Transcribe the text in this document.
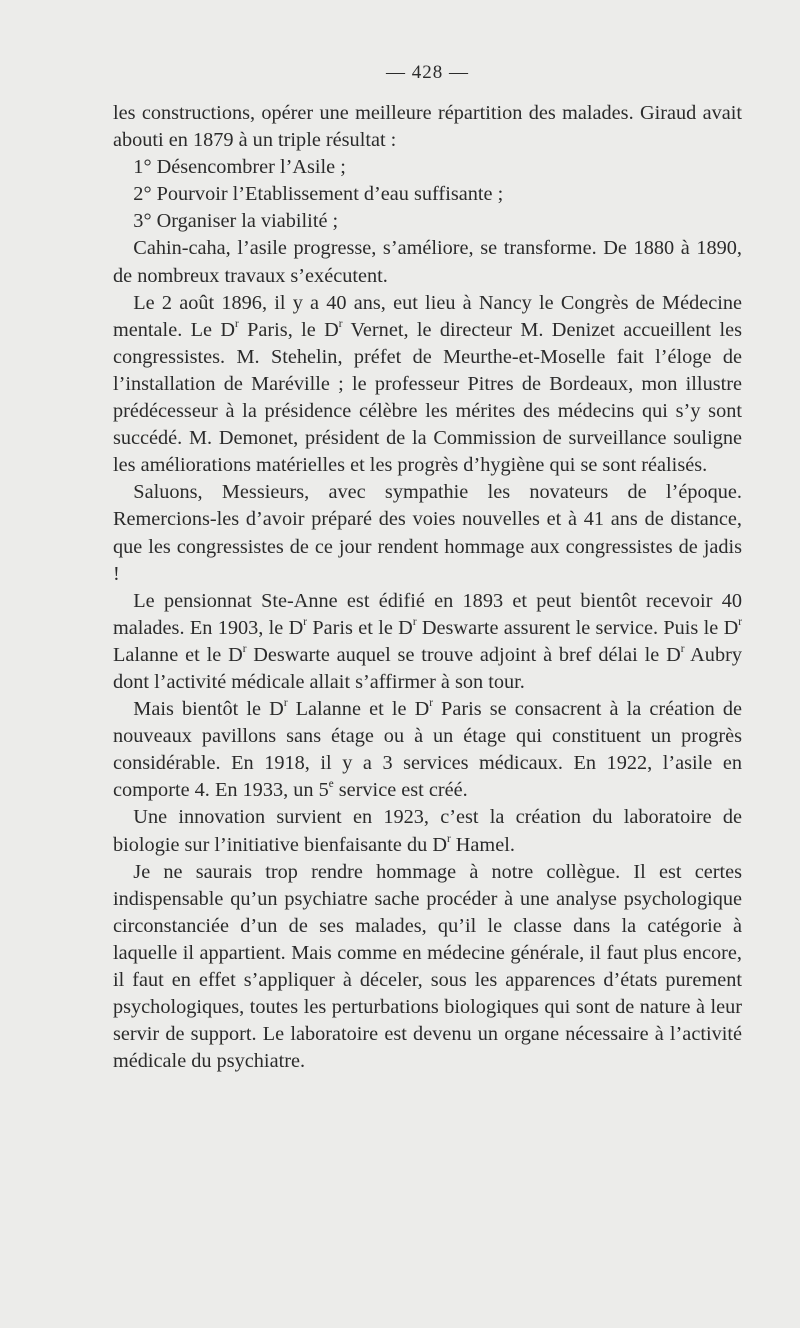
— 428 —

les constructions, opérer une meilleure répartition des malades. Giraud avait abouti en 1879 à un triple résultat :

1° Désencombrer l’Asile ;

2° Pourvoir l’Etablissement d’eau suffisante ;

3° Organiser la viabilité ;

Cahin-caha, l’asile progresse, s’améliore, se transforme. De 1880 à 1890, de nombreux travaux s’exécutent.

Le 2 août 1896, il y a 40 ans, eut lieu à Nancy le Congrès de Médecine mentale. Le $D^r$ Paris, le $D^r$ Vernet, le directeur M. Denizet accueillent les congressistes. M. Stehelin, préfet de Meurthe-et-Moselle fait l’éloge de l’installation de Maréville ; le professeur Pitres de Bordeaux, mon illustre prédécesseur à la présidence célèbre les mérites des médecins qui s’y sont succédé. M. Demonet, président de la Commission de surveillance souligne les améliorations matérielles et les progrès d’hygiène qui se sont réalisés.

Saluons, Messieurs, avec sympathie les novateurs de l’époque. Remercions-les d’avoir préparé des voies nouvelles et à 41 ans de distance, que les congressistes de ce jour rendent hommage aux congressistes de jadis !

Le pensionnat Ste-Anne est édifié en 1893 et peut bientôt recevoir 40 malades. En 1903, le $D^r$ Paris et le $D^r$ Deswarte assurent le service. Puis le $D^r$ Lalanne et le $D^r$ Deswarte auquel se trouve adjoint à bref délai le $D^r$ Aubry dont l’activité médicale allait s’affirmer à son tour.

Mais bientôt le $D^r$ Lalanne et le $D^r$ Paris se consacrent à la création de nouveaux pavillons sans étage ou à un étage qui constituent un progrès considérable. En 1918, il y a 3 services médicaux. En 1922, l’asile en comporte 4. En 1933, un 5e service est créé.

Une innovation survient en 1923, c’est la création du laboratoire de biologie sur l’initiative bienfaisante du $D^r$ Hamel.

Je ne saurais trop rendre hommage à notre collègue. Il est certes indispensable qu’un psychiatre sache procéder à une analyse psychologique circonstanciée d’un de ses malades, qu’il le classe dans la catégorie à laquelle il appartient. Mais comme en médecine générale, il faut plus encore, il faut en effet s’appliquer à déceler, sous les apparences d’états purement psychologiques, toutes les perturbations biologiques qui sont de nature à leur servir de support. Le laboratoire est devenu un organe nécessaire à l’activité médicale du psychiatre.
